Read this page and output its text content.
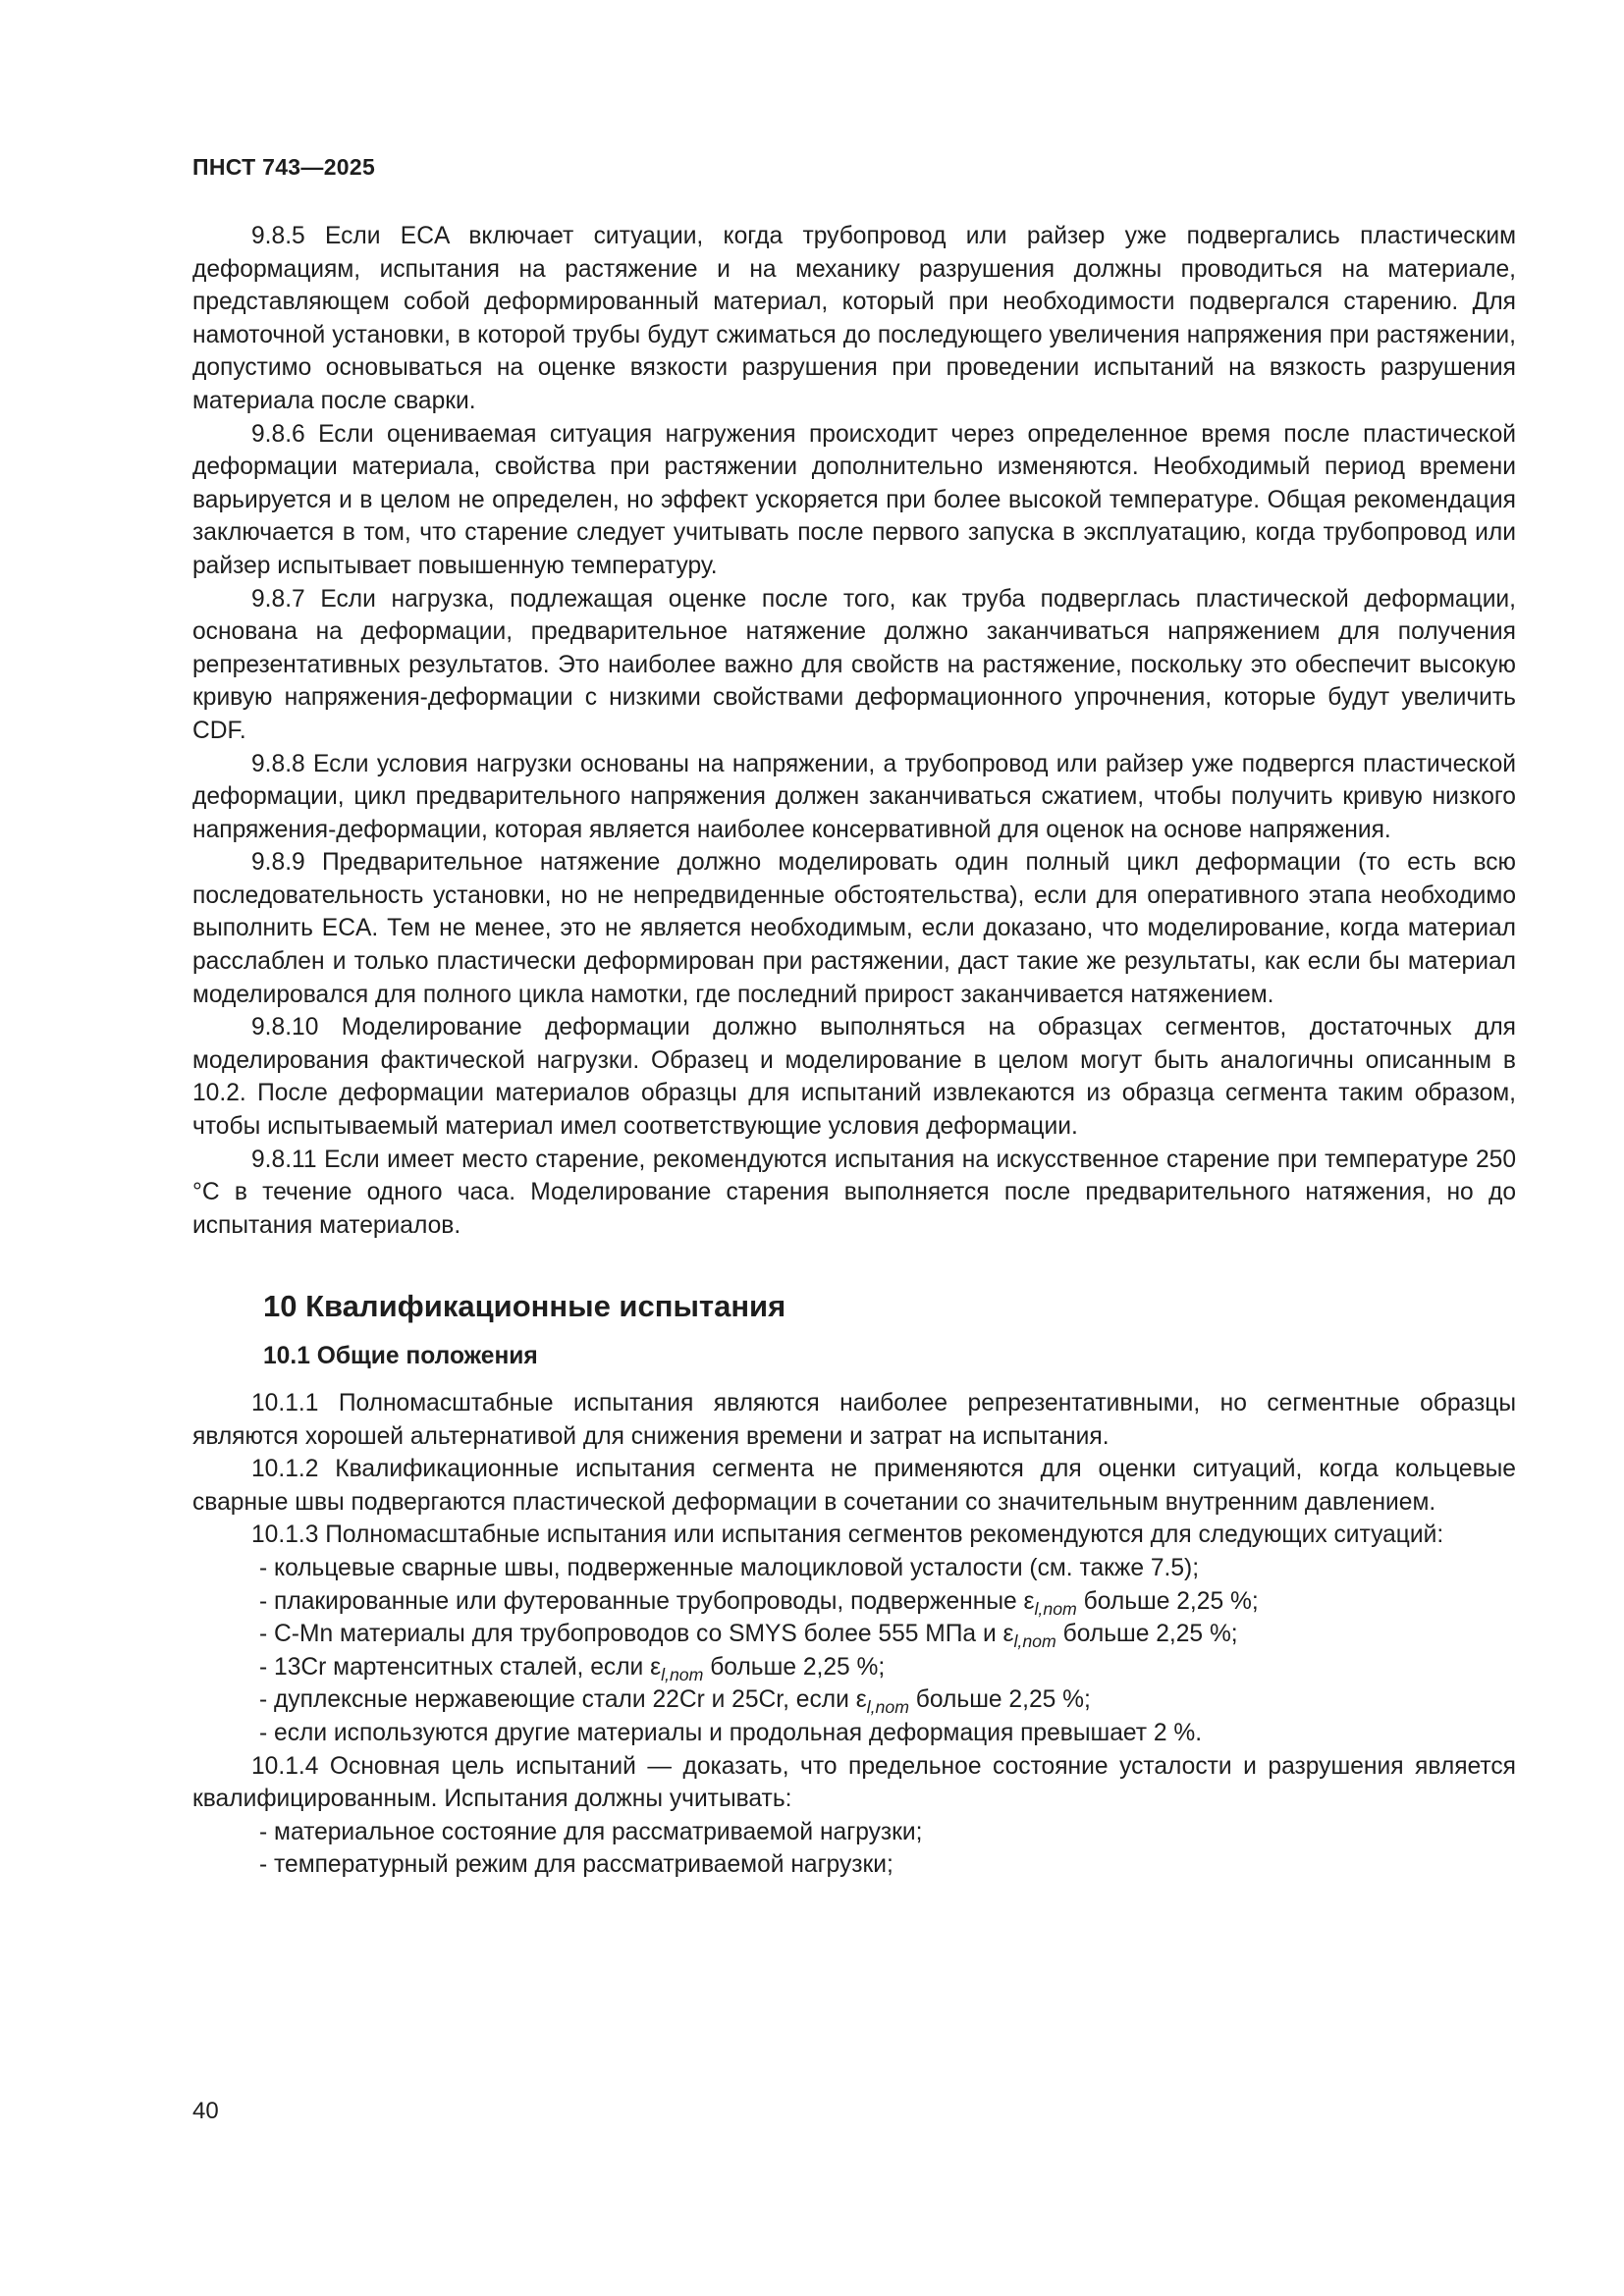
ПНСТ 743—2025

9.8.5 Если ECA включает ситуации, когда трубопровод или райзер уже подвергались пластическим деформациям, испытания на растяжение и на механику разрушения должны проводиться на материале, представляющем собой деформированный материал, который при необходимости подвергался старению. Для намоточной установки, в которой трубы будут сжиматься до последующего увеличения напряжения при растяжении, допустимо основываться на оценке вязкости разрушения при проведении испытаний на вязкость разрушения материала после сварки.

9.8.6 Если оцениваемая ситуация нагружения происходит через определенное время после пластической деформации материала, свойства при растяжении дополнительно изменяются. Необходимый период времени варьируется и в целом не определен, но эффект ускоряется при более высокой температуре. Общая рекомендация заключается в том, что старение следует учитывать после первого запуска в эксплуатацию, когда трубопровод или райзер испытывает повышенную температуру.

9.8.7 Если нагрузка, подлежащая оценке после того, как труба подверглась пластической деформации, основана на деформации, предварительное натяжение должно заканчиваться напряжением для получения репрезентативных результатов. Это наиболее важно для свойств на растяжение, поскольку это обеспечит высокую кривую напряжения-деформации с низкими свойствами деформационного упрочнения, которые будут увеличить CDF.

9.8.8 Если условия нагрузки основаны на напряжении, а трубопровод или райзер уже подвергся пластической деформации, цикл предварительного напряжения должен заканчиваться сжатием, чтобы получить кривую низкого напряжения-деформации, которая является наиболее консервативной для оценок на основе напряжения.

9.8.9 Предварительное натяжение должно моделировать один полный цикл деформации (то есть всю последовательность установки, но не непредвиденные обстоятельства), если для оперативного этапа необходимо выполнить ECA. Тем не менее, это не является необходимым, если доказано, что моделирование, когда материал расслаблен и только пластически деформирован при растяжении, даст такие же результаты, как если бы материал моделировался для полного цикла намотки, где последний прирост заканчивается натяжением.

9.8.10 Моделирование деформации должно выполняться на образцах сегментов, достаточных для моделирования фактической нагрузки. Образец и моделирование в целом могут быть аналогичны описанным в 10.2. После деформации материалов образцы для испытаний извлекаются из образца сегмента таким образом, чтобы испытываемый материал имел соответствующие условия деформации.

9.8.11 Если имеет место старение, рекомендуются испытания на искусственное старение при температуре 250 °С в течение одного часа. Моделирование старения выполняется после предварительного натяжения, но до испытания материалов.

10 Квалификационные испытания
10.1 Общие положения

10.1.1 Полномасштабные испытания являются наиболее репрезентативными, но сегментные образцы являются хорошей альтернативой для снижения времени и затрат на испытания.

10.1.2 Квалификационные испытания сегмента не применяются для оценки ситуаций, когда кольцевые сварные швы подвергаются пластической деформации в сочетании со значительным внутренним давлением.

10.1.3 Полномасштабные испытания или испытания сегментов рекомендуются для следующих ситуаций:

- кольцевые сварные швы, подверженные малоцикловой усталости (см. также 7.5);
- плакированные или футерованные трубопроводы, подверженные $\varepsilon_{l,nom}$ больше 2,25 %;
- C-Mn материалы для трубопроводов со SMYS более 555 МПа и $\varepsilon_{l,nom}$ больше 2,25 %;
- 13Cr мартенситных сталей, если $\varepsilon_{l,nom}$ больше 2,25 %;
- дуплексные нержавеющие стали 22Cr и 25Cr, если $\varepsilon_{l,nom}$ больше 2,25 %;
- если используются другие материалы и продольная деформация превышает 2 %.

10.1.4 Основная цель испытаний — доказать, что предельное состояние усталости и разрушения является квалифицированным. Испытания должны учитывать:

- материальное состояние для рассматриваемой нагрузки;
- температурный режим для рассматриваемой нагрузки;
40
